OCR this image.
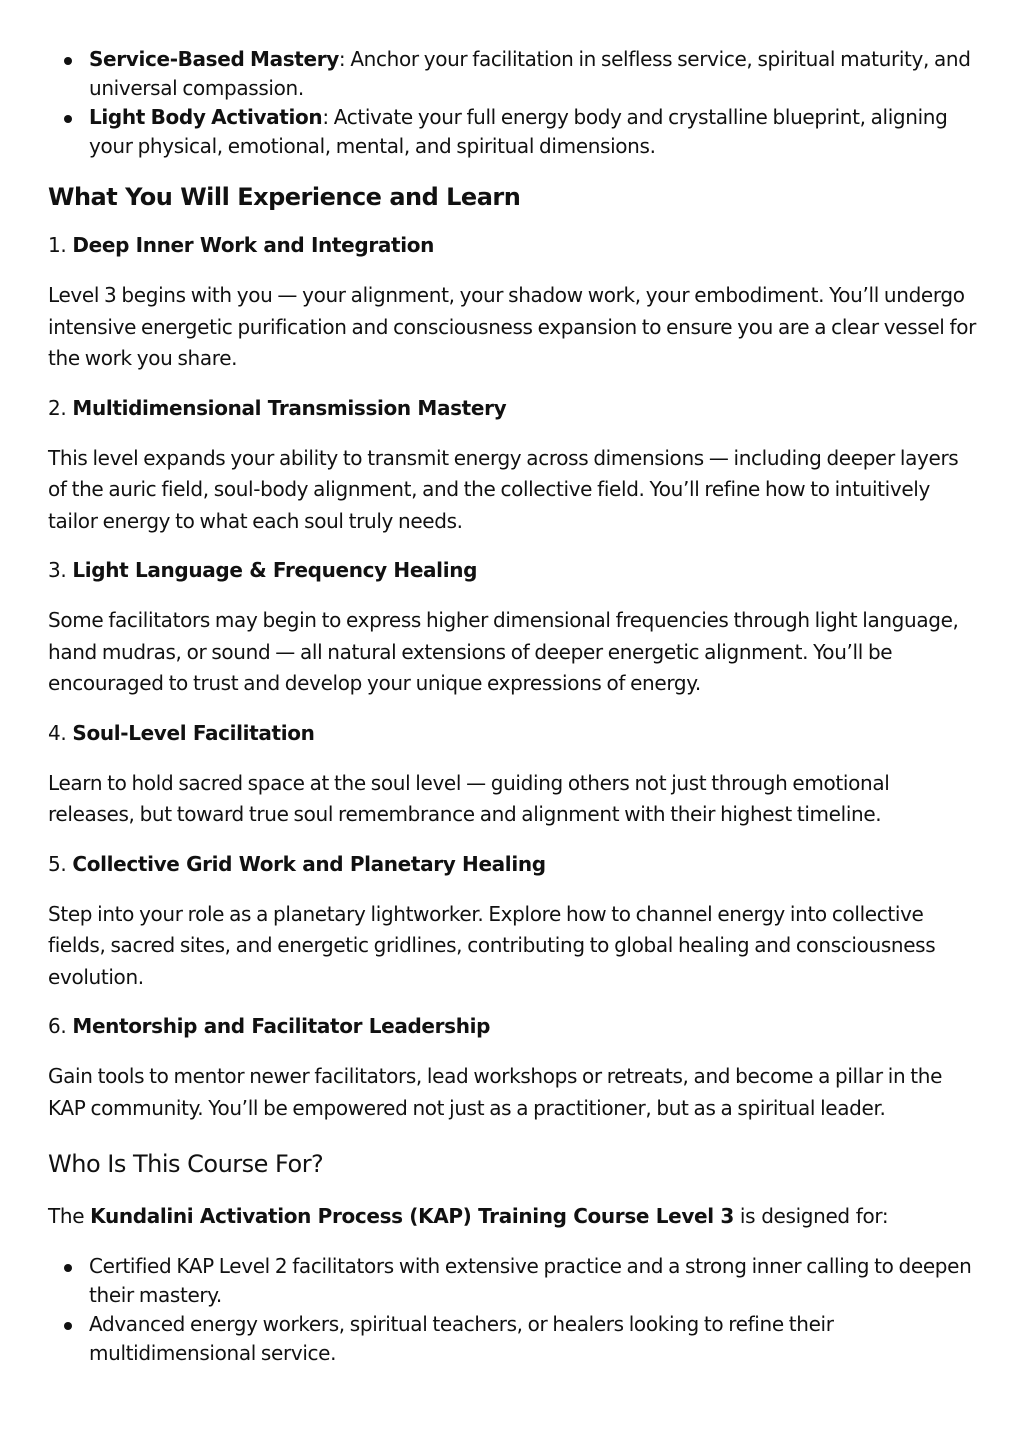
Service-Based Mastery: Anchor your facilitation in selfless service, spiritual maturity, and universal compassion.
Light Body Activation: Activate your full energy body and crystalline blueprint, aligning your physical, emotional, mental, and spiritual dimensions.
What You Will Experience and Learn

1. Deep Inner Work and Integration

Level 3 begins with you — your alignment, your shadow work, your embodiment. You’ll undergo intensive energetic purification and consciousness expansion to ensure you are a clear vessel for the work you share.

2. Multidimensional Transmission Mastery

This level expands your ability to transmit energy across dimensions — including deeper layers of the auric field, soul-body alignment, and the collective field. You’ll refine how to intuitively tailor energy to what each soul truly needs.

3. Light Language & Frequency Healing

Some facilitators may begin to express higher dimensional frequencies through light language, hand mudras, or sound — all natural extensions of deeper energetic alignment. You’ll be encouraged to trust and develop your unique expressions of energy.

4. Soul-Level Facilitation

Learn to hold sacred space at the soul level — guiding others not just through emotional releases, but toward true soul remembrance and alignment with their highest timeline.

5. Collective Grid Work and Planetary Healing

Step into your role as a planetary lightworker. Explore how to channel energy into collective fields, sacred sites, and energetic gridlines, contributing to global healing and consciousness evolution.

6. Mentorship and Facilitator Leadership

Gain tools to mentor newer facilitators, lead workshops or retreats, and become a pillar in the KAP community. You’ll be empowered not just as a practitioner, but as a spiritual leader.

Who Is This Course For?

The Kundalini Activation Process (KAP) Training Course Level 3 is designed for:

Certified KAP Level 2 facilitators with extensive practice and a strong inner calling to deepen their mastery.
Advanced energy workers, spiritual teachers, or healers looking to refine their multidimensional service.
